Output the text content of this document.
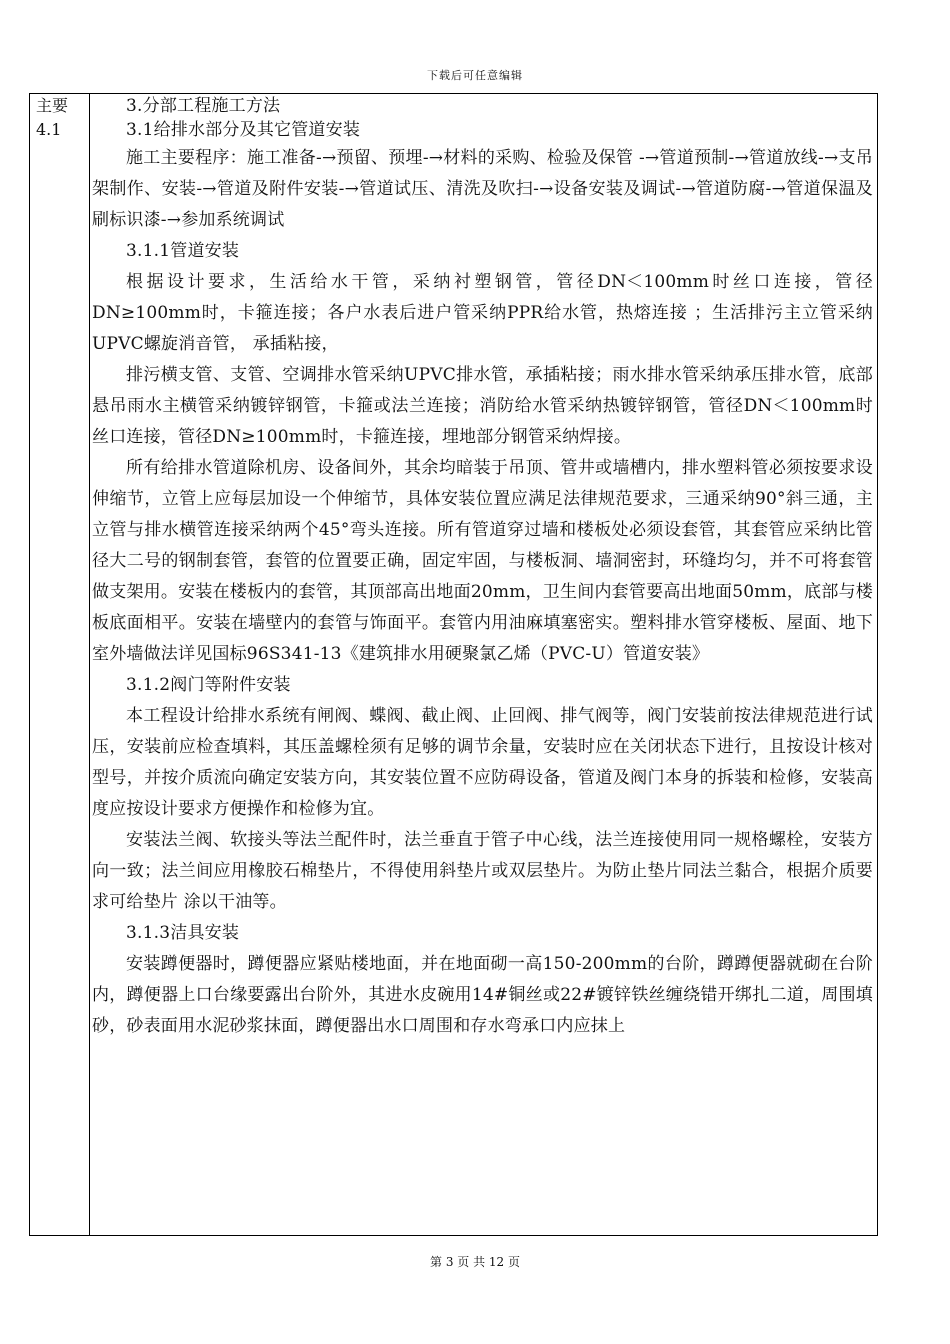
下载后可任意编辑
主要
4.1

3.分部工程施工方法

3.1给排水部分及其它管道安装

施工主要程序：施工准备-→预留、预埋-→材料的采购、检验及保管 -→管道预制-→管道放线-→支吊架制作、安装-→管道及附件安装-→管道试压、清洗及吹扫-→设备安装及调试-→管道防腐-→管道保温及刷标识漆-→参加系统调试

3.1.1管道安装

根据设计要求，生活给水干管，采纳衬塑钢管，管径DN＜100mm时丝口连接，管径DN≥100mm时，卡箍连接；各户水表后进户管采纳PPR给水管，热熔连接 ；生活排污主立管采纳UPVC螺旋消音管， 承插粘接，

排污横支管、支管、空调排水管采纳UPVC排水管，承插粘接；雨水排水管采纳承压排水管，底部悬吊雨水主横管采纳镀锌钢管，卡箍或法兰连接；消防给水管采纳热镀锌钢管，管径DN＜100mm时丝口连接，管径DN≥100mm时，卡箍连接，埋地部分钢管采纳焊接。

所有给排水管道除机房、设备间外，其余均暗装于吊顶、管井或墙槽内，排水塑料管必须按要求设伸缩节，立管上应每层加设一个伸缩节，具体安装位置应满足法律规范要求，三通采纳90°斜三通，主立管与排水横管连接采纳两个45°弯头连接。所有管道穿过墙和楼板处必须设套管，其套管应采纳比管径大二号的钢制套管，套管的位置要正确，固定牢固，与楼板洞、墙洞密封，环缝均匀，并不可将套管做支架用。安装在楼板内的套管，其顶部高出地面20mm，卫生间内套管要高出地面50mm，底部与楼板底面相平。安装在墙壁内的套管与饰面平。套管内用油麻填塞密实。塑料排水管穿楼板、屋面、地下室外墙做法详见国标96S341-13《建筑排水用硬聚氯乙烯（PVC-U）管道安装》

3.1.2阀门等附件安装

本工程设计给排水系统有闸阀、蝶阀、截止阀、止回阀、排气阀等，阀门安装前按法律规范进行试压，安装前应检查填料，其压盖螺栓须有足够的调节余量，安装时应在关闭状态下进行，且按设计核对型号，并按介质流向确定安装方向，其安装位置不应防碍设备，管道及阀门本身的拆装和检修，安装高度应按设计要求方便操作和检修为宜。

安装法兰阀、软接头等法兰配件时，法兰垂直于管子中心线，法兰连接使用同一规格螺栓，安装方向一致；法兰间应用橡胶石棉垫片，不得使用斜垫片或双层垫片。为防止垫片同法兰黏合，根据介质要求可给垫片 涂以干油等。

3.1.3洁具安装

安装蹲便器时，蹲便器应紧贴楼地面，并在地面砌一高150-200mm的台阶，蹲蹲便器就砌在台阶内，蹲便器上口台缘要露出台阶外，其进水皮碗用14#铜丝或22#镀锌铁丝缠绕错开绑扎二道，周围填砂，砂表面用水泥砂浆抹面，蹲便器出水口周围和存水弯承口内应抹上

第 3 页 共 12 页
